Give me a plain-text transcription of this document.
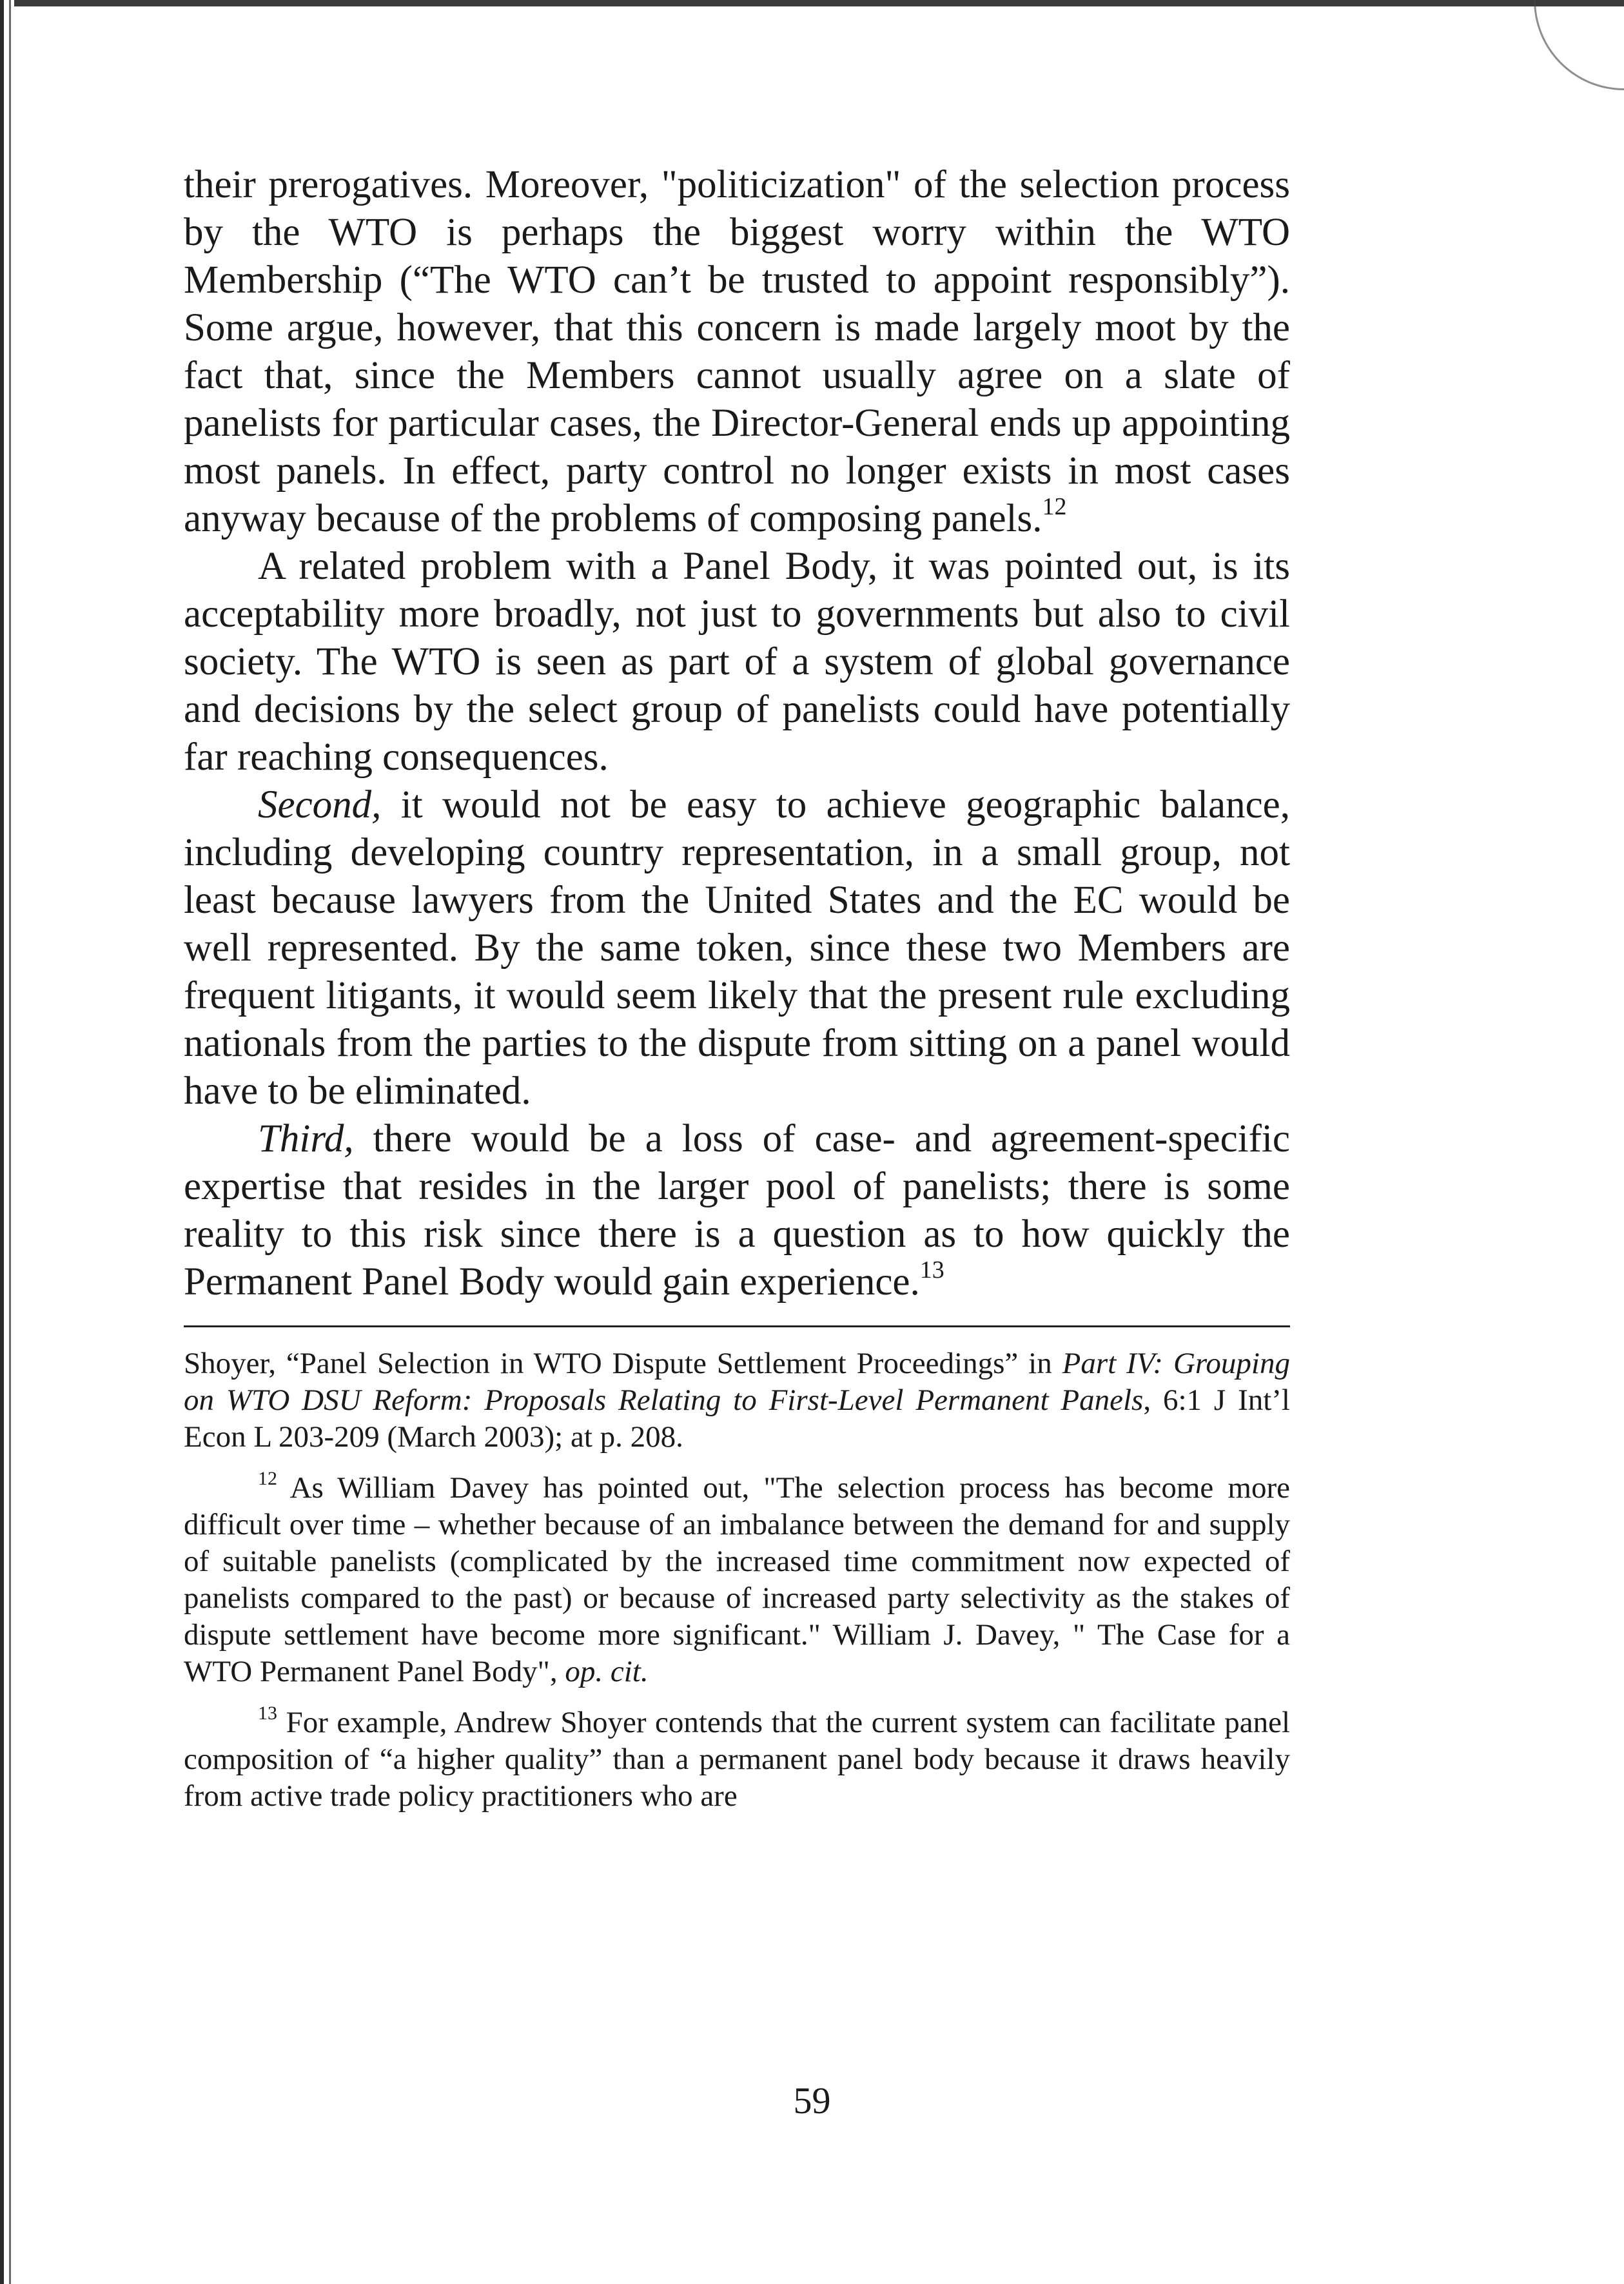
their prerogatives. Moreover, "politicization" of the selection process by the WTO is perhaps the biggest worry within the WTO Membership (“The WTO can’t be trusted to appoint responsibly”). Some argue, however, that this concern is made largely moot by the fact that, since the Members cannot usually agree on a slate of panelists for particular cases, the Director-General ends up appointing most panels. In effect, party control no longer exists in most cases anyway because of the problems of composing panels.$^{12}$

A related problem with a Panel Body, it was pointed out, is its acceptability more broadly, not just to governments but also to civil society. The WTO is seen as part of a system of global governance and decisions by the select group of panelists could have potentially far reaching consequences.

Second, it would not be easy to achieve geographic balance, including developing country representation, in a small group, not least because lawyers from the United States and the EC would be well represented. By the same token, since these two Members are frequent litigants, it would seem likely that the present rule excluding nationals from the parties to the dispute from sitting on a panel would have to be eliminated.

Third, there would be a loss of case- and agreement-specific expertise that resides in the larger pool of panelists; there is some reality to this risk since there is a question as to how quickly the Permanent Panel Body would gain experience.$^{13}$

Shoyer, “Panel Selection in WTO Dispute Settlement Proceedings” in Part IV: Grouping on WTO DSU Reform: Proposals Relating to First-Level Permanent Panels, 6:1 J Int’l Econ L 203-209 (March 2003); at p. 208.

$^{12}$ As William Davey has pointed out, "The selection process has become more difficult over time – whether because of an imbalance between the demand for and supply of suitable panelists (complicated by the increased time commitment now expected of panelists compared to the past) or because of increased party selectivity as the stakes of dispute settlement have become more significant." William J. Davey, " The Case for a WTO Permanent Panel Body", op. cit.

$^{13}$ For example, Andrew Shoyer contends that the current system can facilitate panel composition of “a higher quality” than a permanent panel body because it draws heavily from active trade policy practitioners who are

59
